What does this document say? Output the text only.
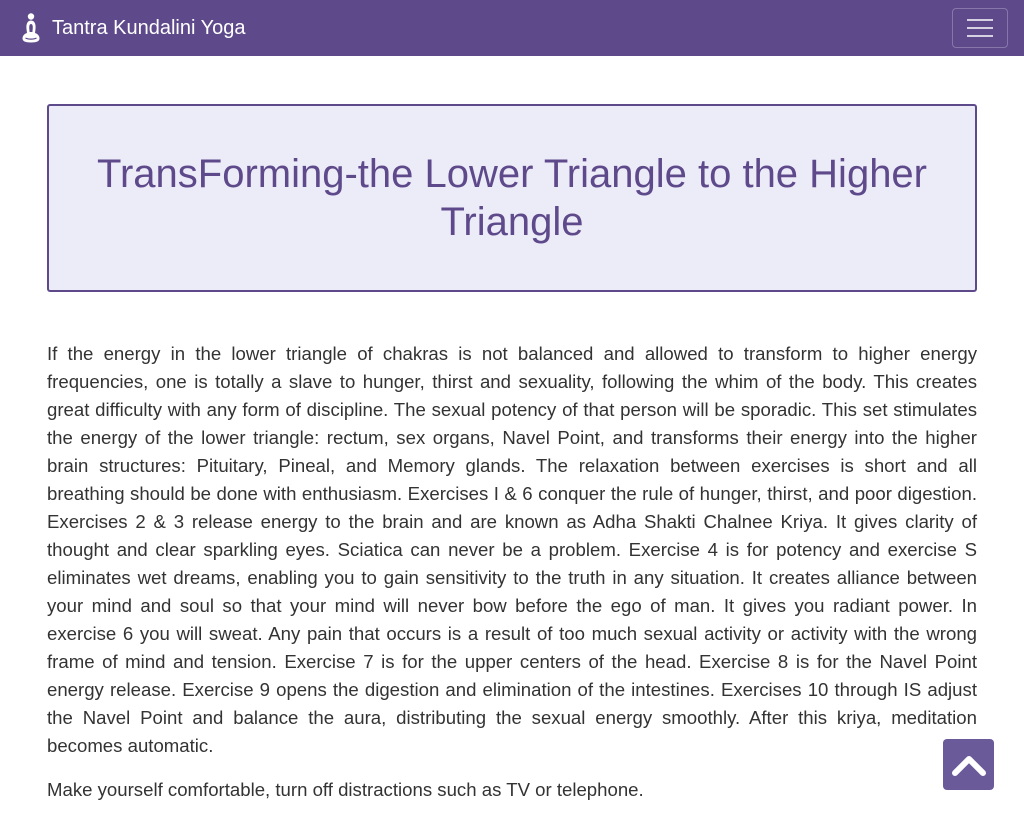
Tantra Kundalini Yoga
TransForming-the Lower Triangle to the Higher Triangle

If the energy in the lower triangle of chakras is not balanced and allowed to transform to higher energy frequencies, one is totally a slave to hunger, thirst and sexuality, following the whim of the body. This creates great difficulty with any form of discipline. The sexual potency of that person will be sporadic. This set stimulates the energy of the lower triangle: rectum, sex organs, Navel Point, and transforms their energy into the higher brain structures: Pituitary, Pineal, and Memory glands. The relaxation between exercises is short and all breathing should be done with enthusiasm. Exercises I & 6 conquer the rule of hunger, thirst, and poor digestion. Exercises 2 & 3 release energy to the brain and are known as Adha Shakti Chalnee Kriya. It gives clarity of thought and clear sparkling eyes. Sciatica can never be a problem. Exercise 4 is for potency and exercise S eliminates wet dreams, enabling you to gain sensitivity to the truth in any situation. It creates alliance between your mind and soul so that your mind will never bow before the ego of man. It gives you radiant power. In exercise 6 you will sweat. Any pain that occurs is a result of too much sexual activity or activity with the wrong frame of mind and tension. Exercise 7 is for the upper centers of the head. Exercise 8 is for the Navel Point energy release. Exercise 9 opens the digestion and elimination of the intestines. Exercises 10 through IS adjust the Navel Point and balance the aura, distributing the sexual energy smoothly. After this kriya, meditation becomes automatic.

Make yourself comfortable, turn off distractions such as TV or telephone.
